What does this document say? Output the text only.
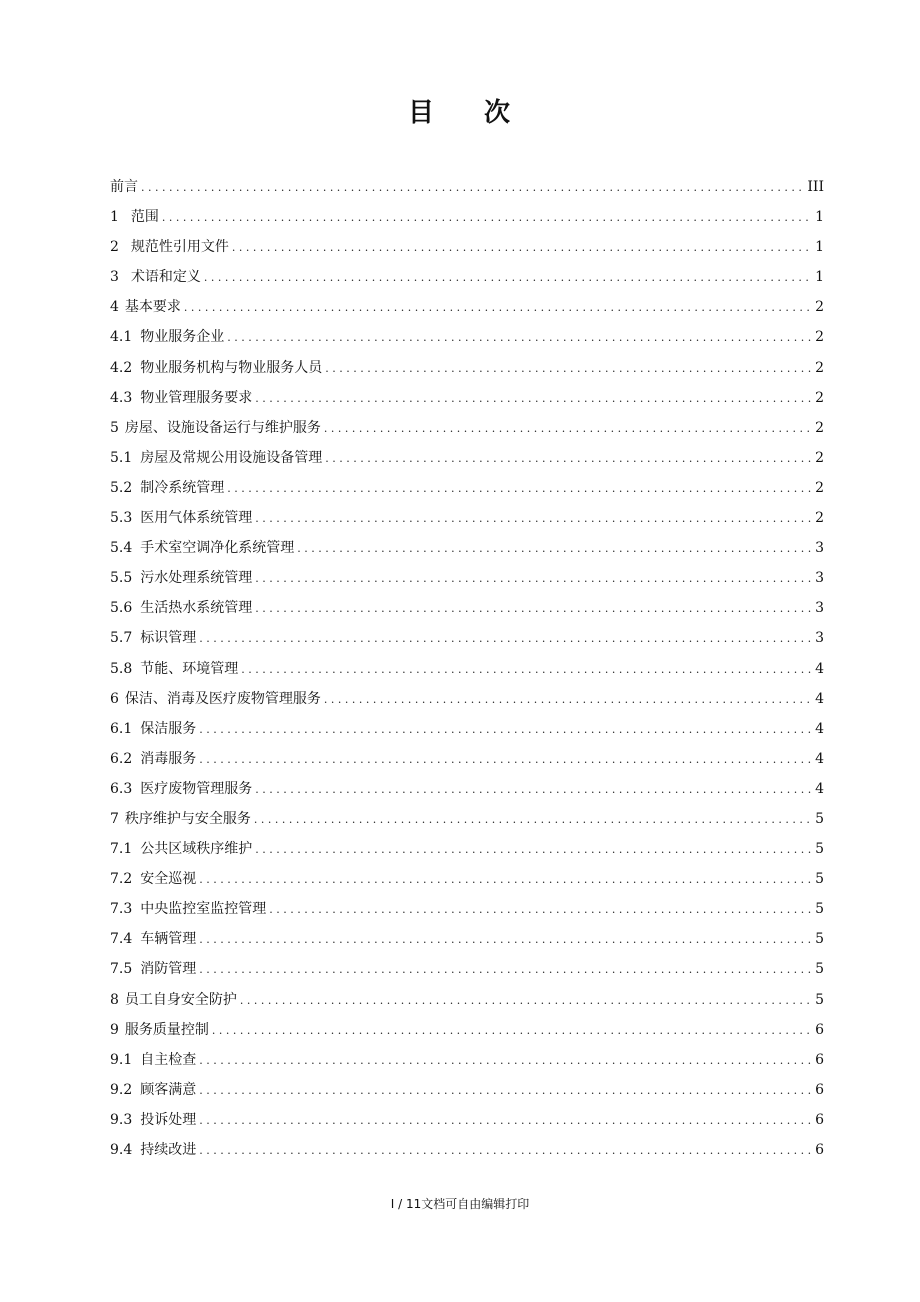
目 次
前言 . . .	III
1 范围 . . .	1
2 规范性引用文件 . . .	1
3 术语和定义 . . .	1
4 基本要求 . . .	2
4.1 物业服务企业 . . .	2
4.2 物业服务机构与物业服务人员 . . .	2
4.3 物业管理服务要求 . . .	2
5 房屋、设施设备运行与维护服务 . . .	2
5.1 房屋及常规公用设施设备管理 . . .	2
5.2 制冷系统管理 . . .	2
5.3 医用气体系统管理 . . .	2
5.4 手术室空调净化系统管理 . . .	3
5.5 污水处理系统管理 . . .	3
5.6 生活热水系统管理 . . .	3
5.7 标识管理 . . .	3
5.8 节能、环境管理 . . .	4
6 保洁、消毒及医疗废物管理服务 . . .	4
6.1 保洁服务 . . .	4
6.2 消毒服务 . . .	4
6.3 医疗废物管理服务 . . .	4
7 秩序维护与安全服务 . . .	5
7.1 公共区域秩序维护 . . .	5
7.2 安全巡视 . . .	5
7.3 中央监控室监控管理 . . .	5
7.4 车辆管理 . . .	5
7.5 消防管理 . . .	5
8 员工自身安全防护 . . .	5
9 服务质量控制 . . .	6
9.1 自主检查 . . .	6
9.2 顾客满意 . . .	6
9.3 投诉处理 . . .	6
9.4 持续改进 . . .	6
I / 11文档可自由编辑打印
